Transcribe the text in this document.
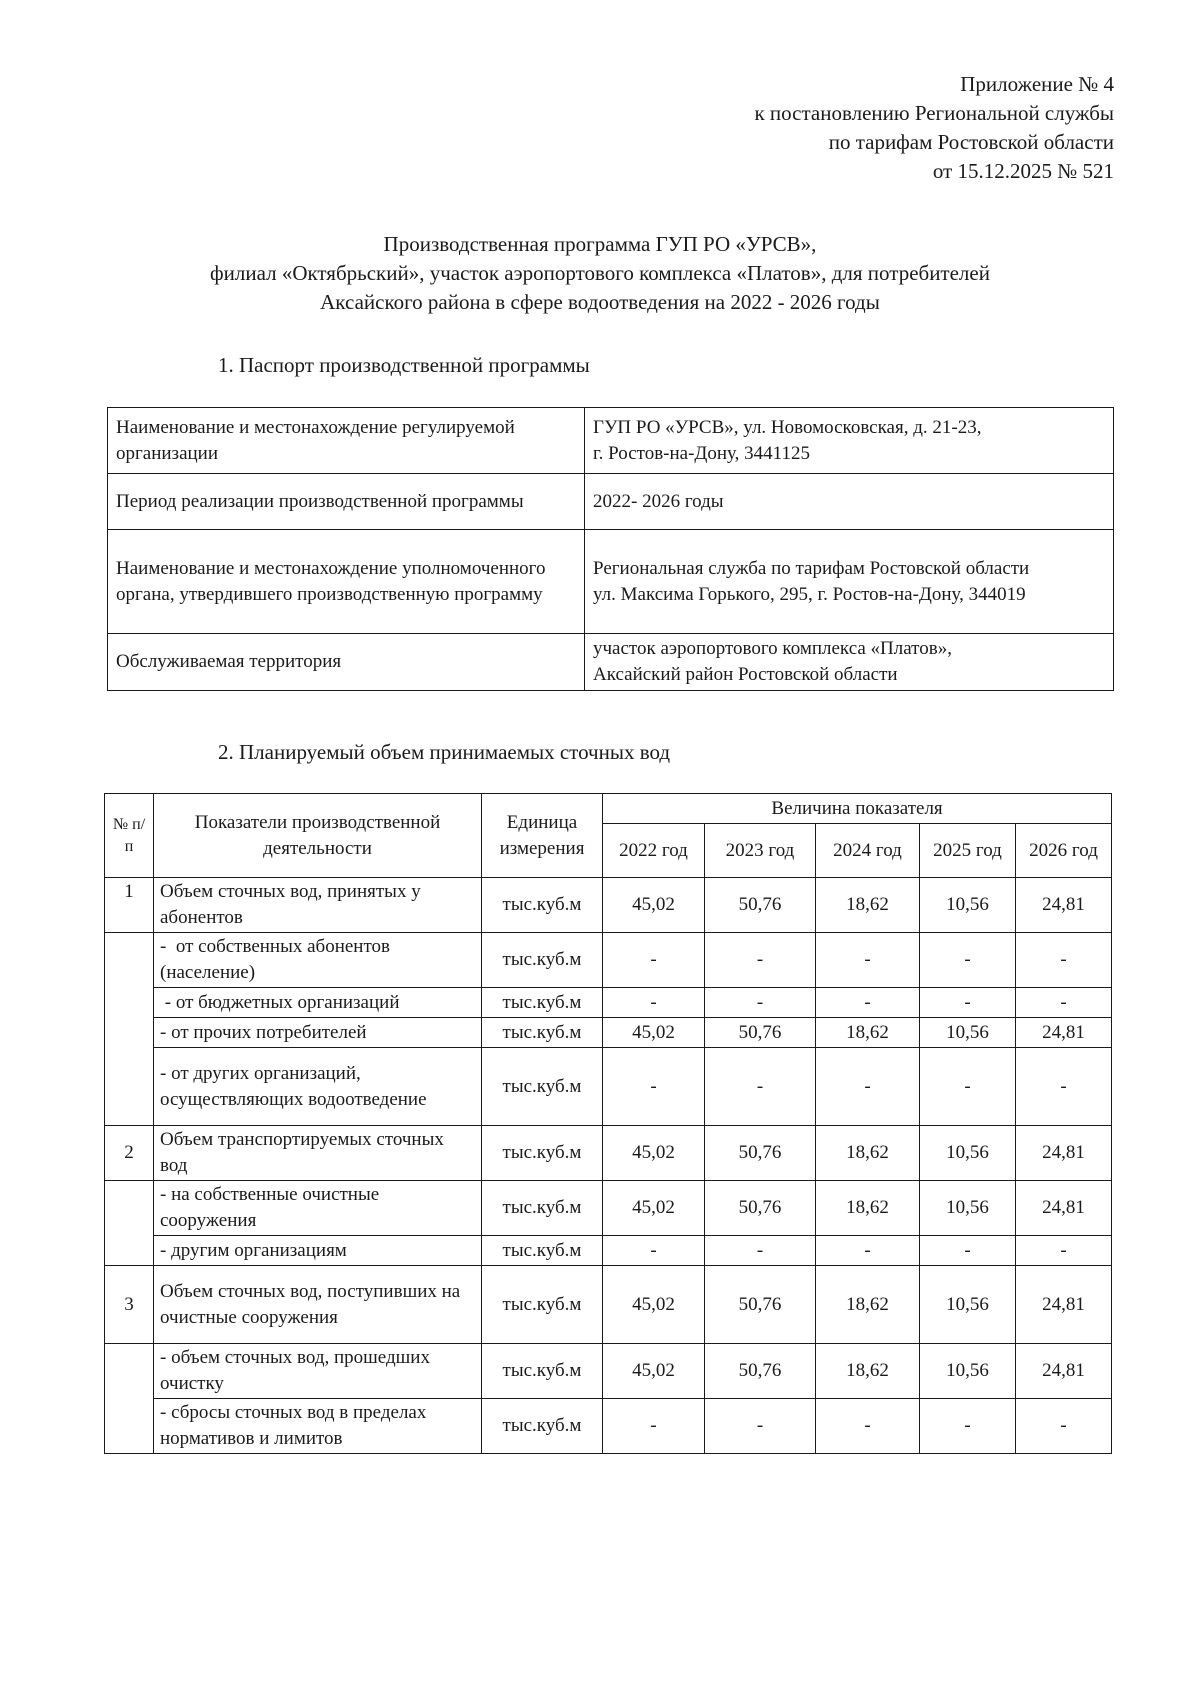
Приложение № 4
к постановлению Региональной службы
по тарифам Ростовской области
от 15.12.2025 № 521
Производственная программа ГУП РО «УРСВ»,
филиал «Октябрьский», участок аэропортового комплекса «Платов», для потребителей
Аксайского района в сфере водоотведения на 2022 - 2026 годы
1. Паспорт производственной программы
Наименование и местонахождение регулируемой организации	ГУП РО «УРСВ», ул. Новомосковская, д. 21-23,
г. Ростов-на-Дону, 3441125

Период реализации производственной программы	2022- 2026 годы

Наименование и местонахождение уполномоченного органа, утвердившего производственную программу	Региональная служба по тарифам Ростовской области
ул. Максима Горького, 295, г. Ростов-на-Дону, 344019

Обслуживаемая территория	участок аэропортового комплекса «Платов»,
Аксайский район Ростовской области
2. Планируемый объем принимаемых сточных вод
№ п/п	Показатели производственной деятельности	Единица измерения	Величина показателя				
			2022 год	2023 год	2024 год	2025 год	2026 год
1	Объем сточных вод, принятых у абонентов	тыс.куб.м	45,02	50,76	18,62	10,56	24,81
	-  от собственных абонентов (население)	тыс.куб.м	-	-	-	-	-
	- от бюджетных организаций	тыс.куб.м	-	-	-	-	-
	- от прочих потребителей	тыс.куб.м	45,02	50,76	18,62	10,56	24,81
	- от других организаций, осуществляющих водоотведение	тыс.куб.м	-	-	-	-	-
2	Объем транспортируемых сточных вод	тыс.куб.м	45,02	50,76	18,62	10,56	24,81
	- на собственные очистные сооружения	тыс.куб.м	45,02	50,76	18,62	10,56	24,81
	- другим организациям	тыс.куб.м	-	-	-	-	-
3	Объем сточных вод, поступивших на очистные сооружения	тыс.куб.м	45,02	50,76	18,62	10,56	24,81
	- объем сточных вод, прошедших очистку	тыс.куб.м	45,02	50,76	18,62	10,56	24,81
	- сбросы сточных вод в пределах нормативов и лимитов	тыс.куб.м	-	-	-	-	-
